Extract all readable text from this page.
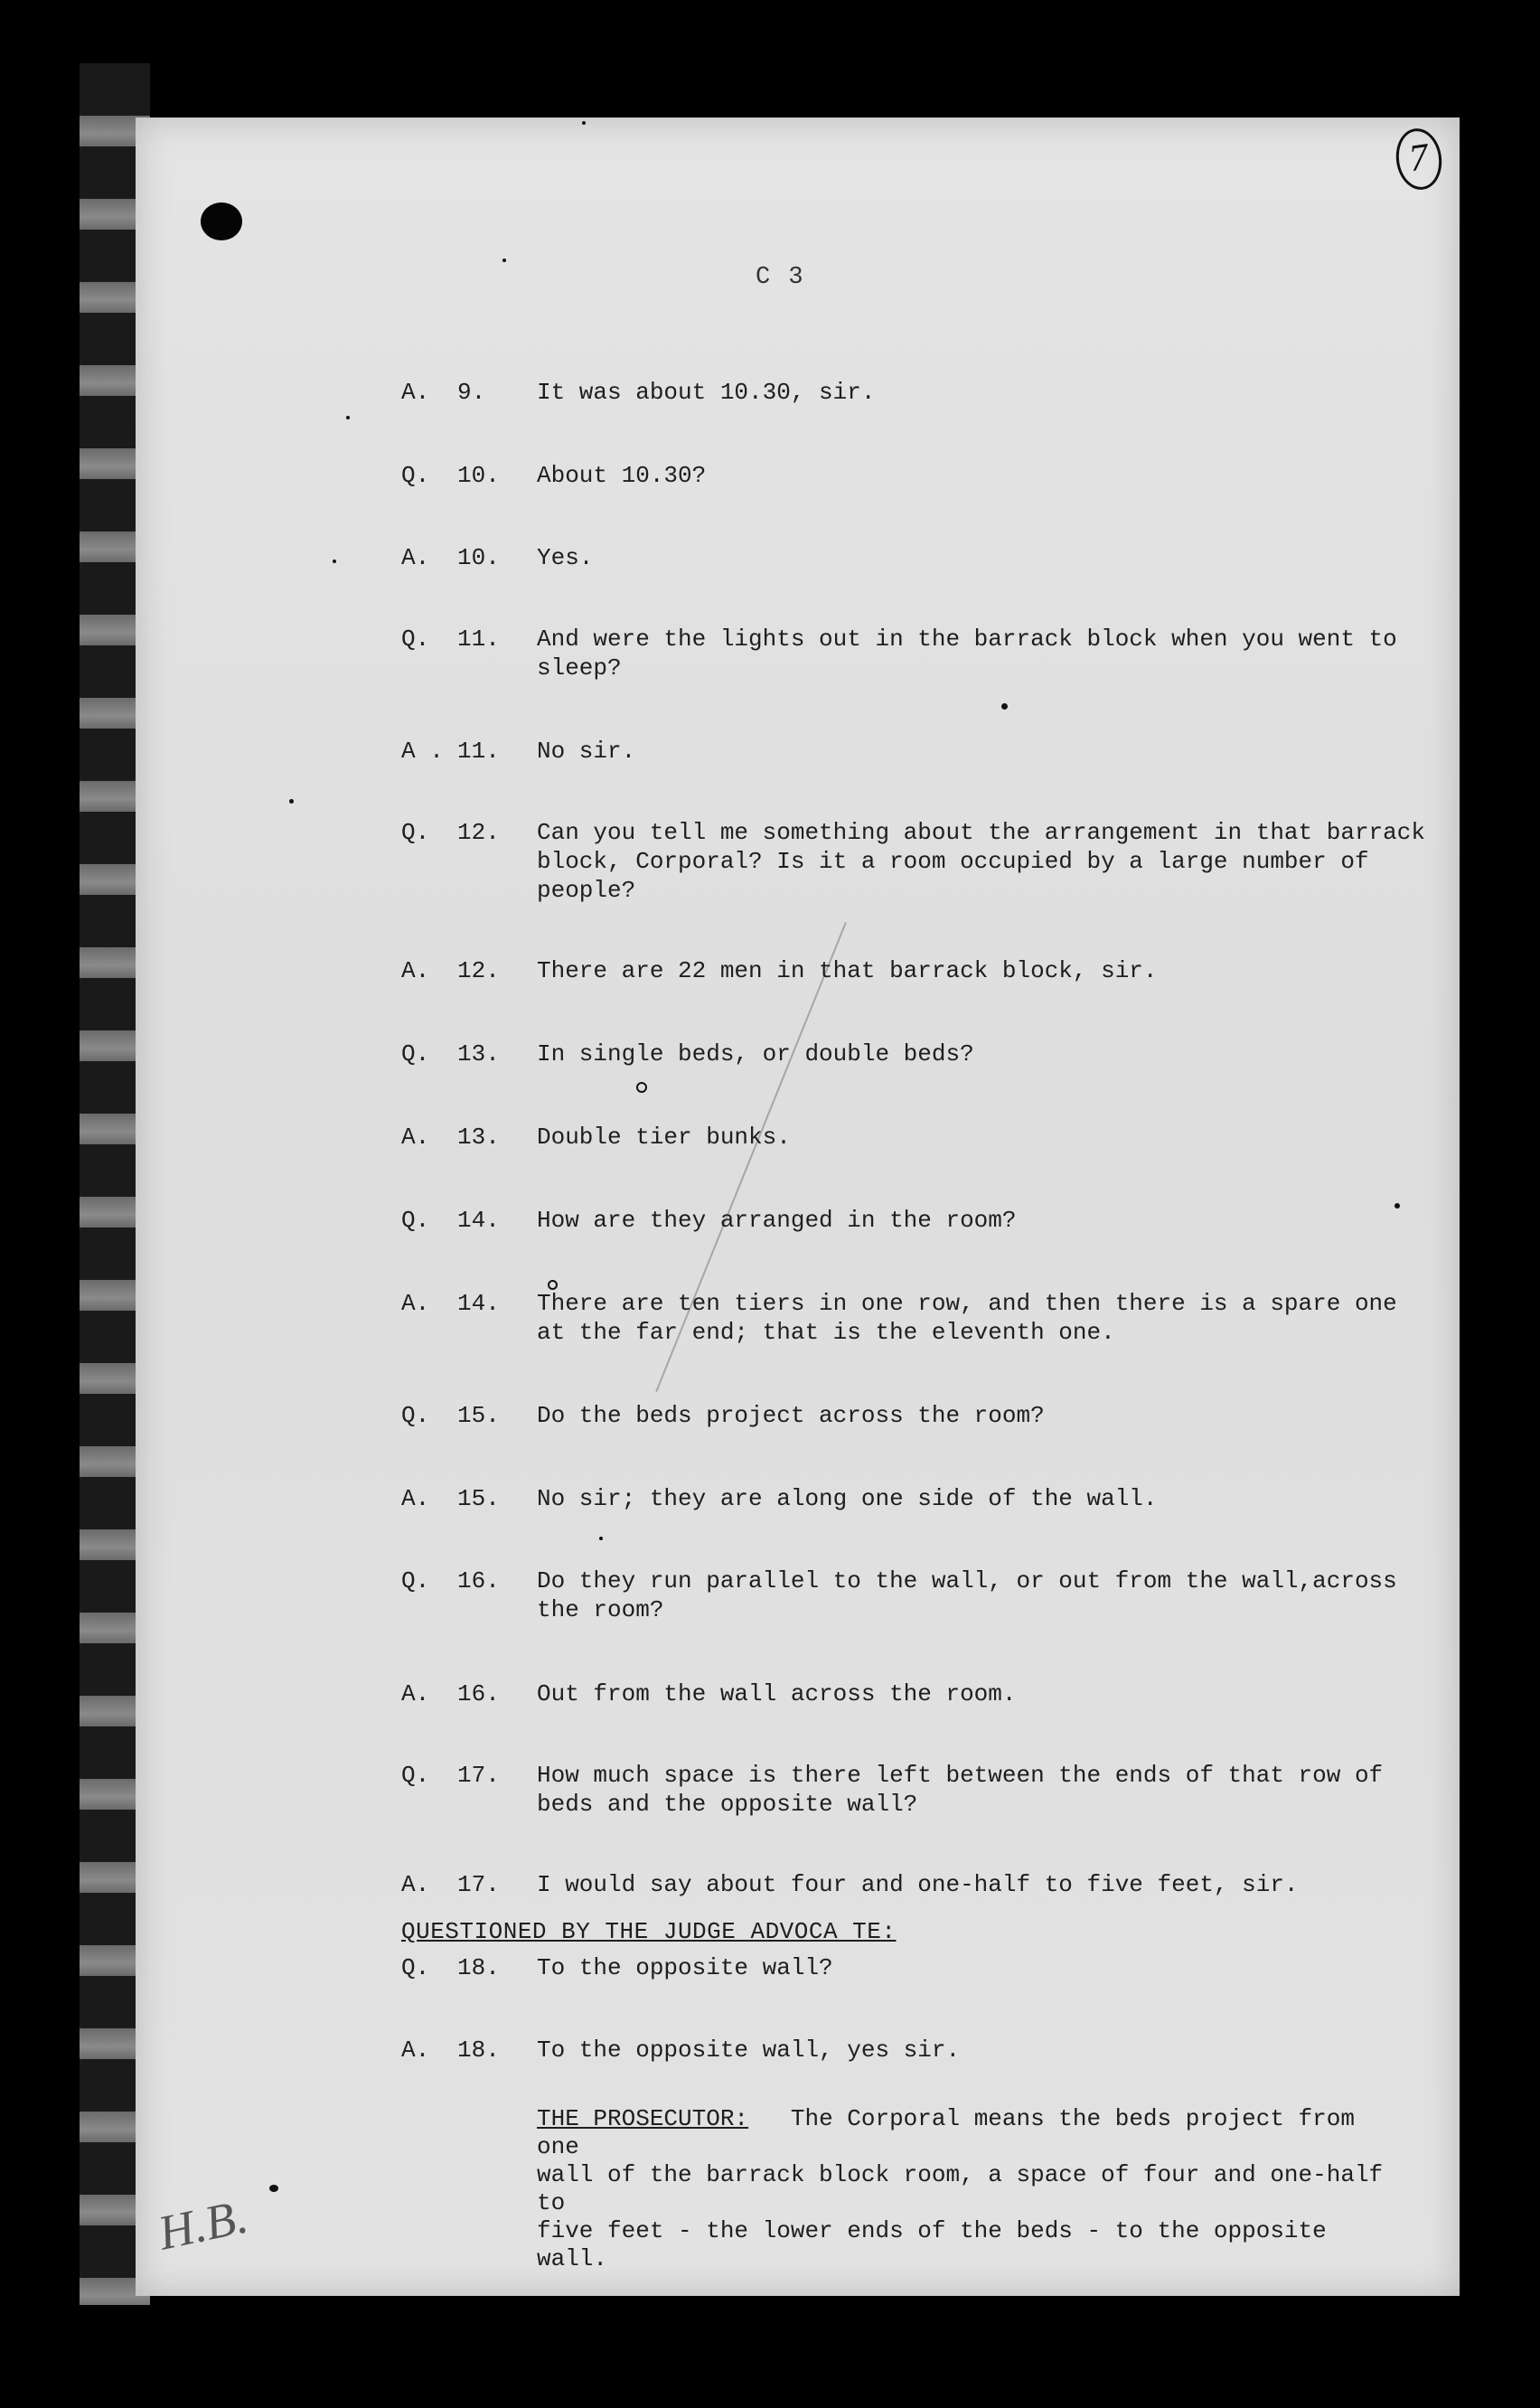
7
C 3
A.	9.	It was about 10.30, sir.
Q.	10.	About 10.30?
A.	10.	Yes.
Q.	11.	And were the lights out in the barrack block when you went to
sleep?
A . 11.	No sir.
Q.	12.	Can you tell me something about the arrangement in that barrack
block, Corporal? Is it a room occupied by a large number of
people?
A.	12.	There are 22 men in that barrack block, sir.
Q.	13.	In single beds, or double beds?
A.	13.	Double tier bunks.
Q.	14.	How are they arranged in the room?
A.	14.	There are ten tiers in one row, and then there is a spare one
at the far end; that is the eleventh one.
Q.	15.	Do the beds project across the room?
A.	15.	No sir; they are along one side of the wall.
Q.	16.	Do they run parallel to the wall, or out from the wall,across
the room?
A.	16.	Out from the wall across the room.
Q.	17.	How much space is there left between the ends of that row of
beds and the opposite wall?
A.	17.	I would say about four and one-half to five feet, sir.
QUESTIONED BY THE JUDGE ADVOCA TE:
Q.	18.	To the opposite wall?
A.	18.	To the opposite wall, yes sir.
THE PROSECUTOR: The Corporal means the beds project from one
wall of the barrack block room, a space of four and one-half to
five feet - the lower ends of the beds - to the opposite wall.
H.B.
